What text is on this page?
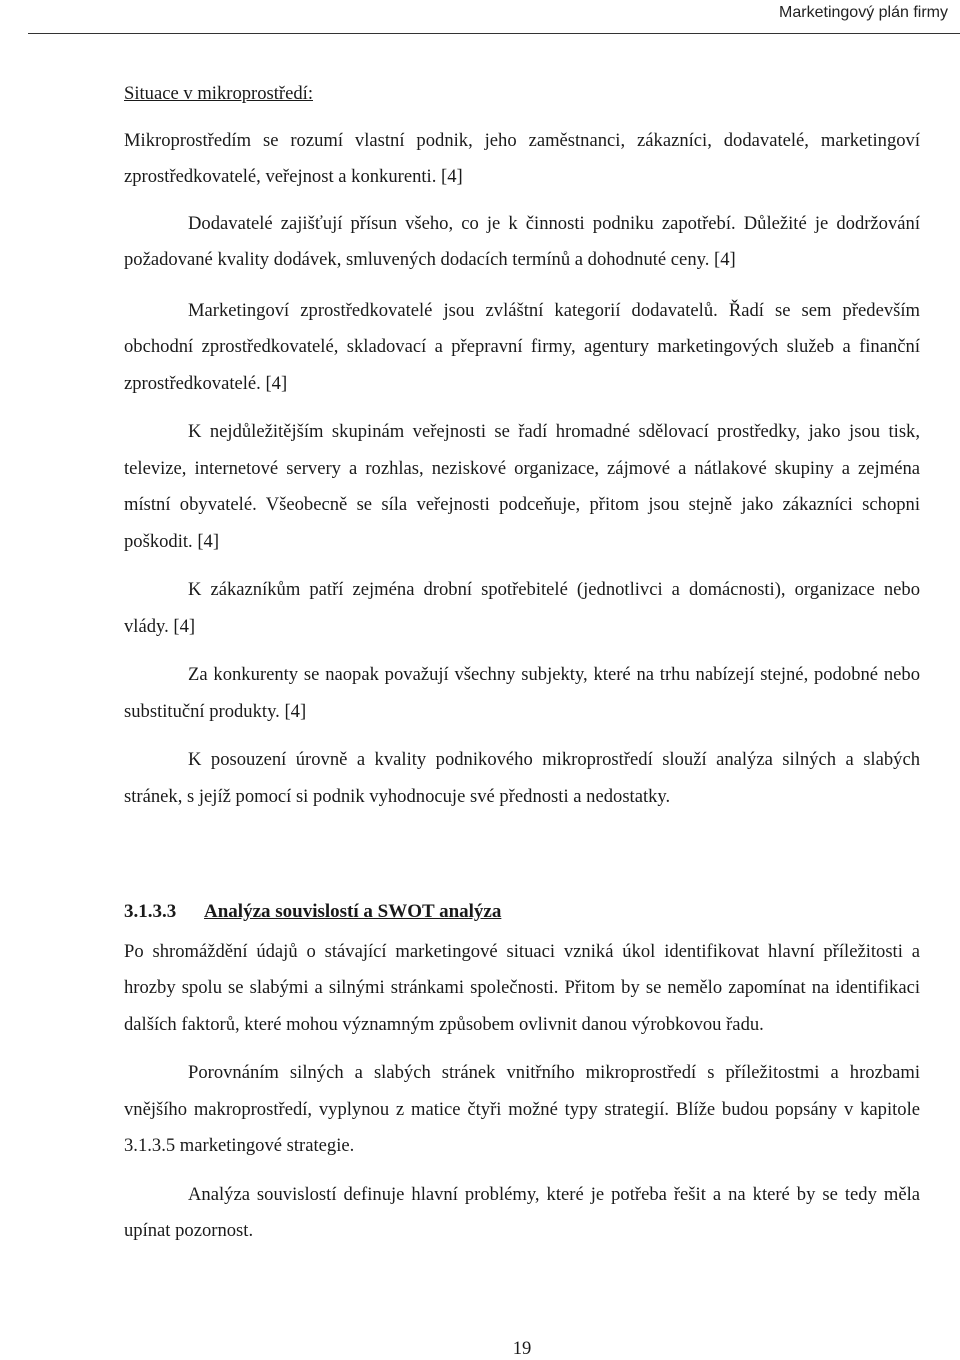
Marketingový plán firmy

Situace v mikroprostředí:

Mikroprostředím se rozumí vlastní podnik, jeho zaměstnanci, zákazníci, dodavatelé, marketingoví zprostředkovatelé, veřejnost a konkurenti. [4]

Dodavatelé zajišťují přísun všeho, co je k činnosti podniku zapotřebí. Důležité je dodržování požadované kvality dodávek, smluvených dodacích termínů a dohodnuté ceny. [4]

Marketingoví zprostředkovatelé jsou zvláštní kategorií dodavatelů. Řadí se sem především obchodní zprostředkovatelé, skladovací a přepravní firmy, agentury marketingových služeb a finanční zprostředkovatelé. [4]

K nejdůležitějším skupinám veřejnosti se řadí hromadné sdělovací prostředky, jako jsou tisk, televize, internetové servery a rozhlas, neziskové organizace, zájmové a nátlakové skupiny a zejména místní obyvatelé. Všeobecně se síla veřejnosti podceňuje, přitom jsou stejně jako zákazníci schopni poškodit. [4]

K zákazníkům patří zejména drobní spotřebitelé (jednotlivci a domácnosti), organizace nebo vlády. [4]

Za konkurenty se naopak považují všechny subjekty, které na trhu nabízejí stejné, podobné nebo substituční produkty. [4]

K posouzení úrovně a kvality podnikového mikroprostředí slouží analýza silných a slabých stránek, s jejíž pomocí si podnik vyhodnocuje své přednosti a nedostatky.

3.1.3.3 Analýza souvislostí a SWOT analýza

Po shromáždění údajů o stávající marketingové situaci vzniká úkol identifikovat hlavní příležitosti a hrozby spolu se slabými a silnými stránkami společnosti. Přitom by se nemělo zapomínat na identifikaci dalších faktorů, které mohou významným způsobem ovlivnit danou výrobkovou řadu.

Porovnáním silných a slabých stránek vnitřního mikroprostředí s příležitostmi a hrozbami vnějšího makroprostředí, vyplynou z matice čtyři možné typy strategií. Blíže budou popsány v kapitole 3.1.3.5 marketingové strategie.

Analýza souvislostí definuje hlavní problémy, které je potřeba řešit a na které by se tedy měla upínat pozornost.

19
